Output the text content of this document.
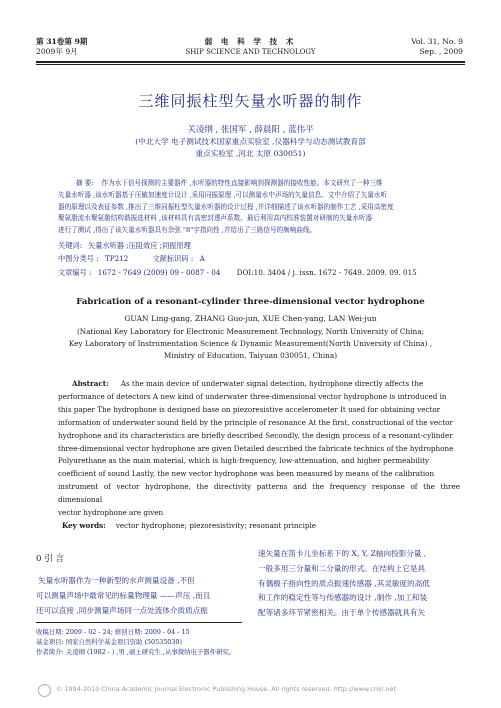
第 31卷第 9期
2009年 9月
弱 电 科 学 技 术
SHIP SCIENCE AND TECHNOLOGY
Vol. 31, No. 9
Sep. , 2009
三维同振柱型矢量水听器的制作
关凌纲 , 张国军 , 薛晨阳 , 蓝伟平
(中北大学 电子测试技术国家重点实验室 ,仪器科学与动态测试教育部
重点实验室 ,河北 太原 030051)
摘 要: 作为水下信号探测的主要器件 ,水听器的特性直接影响到探测器的接收性能。本文研究了一种三维
矢量水听器 ,该水听器基于压敏加速度计设计 ,采用同振原理 ,可以测量水中声场的矢量信息。文中介绍了矢量水听
器的原理以及表征参数 ,推出了三维同振柱型矢量水听器的设计过程 ,并详细描述了该水听器的制作工艺 ,采用高密度
聚氨脂流水聚氨脂结构谐振选材料 ,该材料具有高密封透声系数。最后利用高内校准装置对研制的矢量水听器
进行了测试 ,得出了该矢量水听器具有余弦 "8"字指向性 ,并给出了三路信号的频响曲线。
关键词: 矢量水听器 ;压阻效应 ;同振原理
中图分类号 : TP212	文献标识码 : A
文章编号 : 1672 - 7649 (2009) 09 - 0087 - 04 DOI:10. 3404 / j. issn. 1672 - 7649. 2009. 09. 015
Fabrication of a resonant-cylinder three-dimensional vector hydrophone
GUAN Ling-gang, ZHANG Guo-jun, XUE Chen-yang, LAN Wei-jun
(National Key Laboratory for Electronic Measurement Technology, North University of China;
Key Laboratory of Instrumentation Science & Dynamic Measurement(North University of China) ,
Ministry of Education, Taiyuan 030051, China)
Abstract: As the main device of underwater signal detection, hydrophone directly affects the
performance of detectors A new kind of underwater three-dimensional vector hydrophone is introduced in
this paper The hydrophone is designed base on piezoresistive accelerometer It used for obtaining vector
information of underwater sound field by the principle of resonance At the first, constructional of the vector
hydrophone and its characteristics are briefly described Secondly, the design process of a resonant-cylinder
three-dimensional vector hydrophone are given Detailed described the fabricate technics of the hydrophone
Polyurethane as the main material, which is high-frequency, low-attenuation, and higher permeability
coefficient of sound Lastly, the new vector hydrophone was been measured by means of the calibration
instrument of vector hydrophone, the directivity patterns and the frequency response of the three dimensional
vector hydrophone are given
Key words: vector hydrophone; piezoresistivity; resonant principle
0 引 言
矢量水听器作为一种新型的水声测量设备 ,不但
可以测量声场中最常见的标量物理量 ——声压 ,而且
还可以直接 ,同步测量声场同一点处流体介质质点振
速矢量在笛卡儿坐标系下的 X, Y, Z轴向投影分量 ,
一般多用三分量和二分量的形式。在结构上它是具
有偶极子指向性的质点振速传感器 ,其灵敏度的高低
和工作的稳定性等与传感器的设计 ,制作 ,加工和装
配等诸多环节紧密相关。由于单个传感器就具有矢
收稿日期: 2009 - 02 - 24; 修回日期: 2009 - 04 - 15
基金项目: 国家自然科学基金项目资助 (50535030)
作者简介: 关凌纲 (1982 - ) ,男 ,硕士研究生 ,从事微纳电子器件研究。
© 1994-2010 China Academic Journal Electronic Publishing House. All rights reserved. http://www.cnki.net
